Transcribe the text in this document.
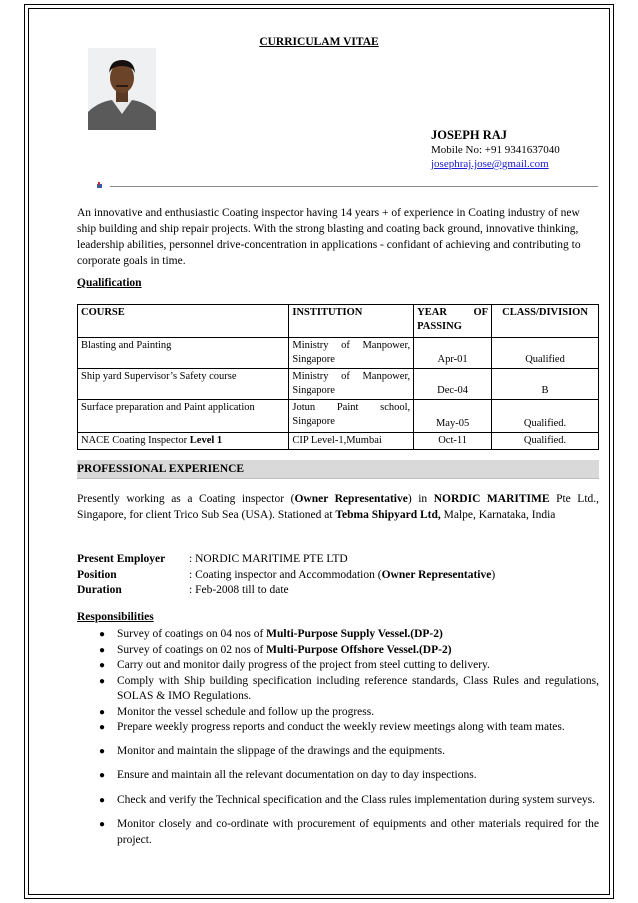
CURRICULAM VITAE
JOSEPH RAJ
Mobile No: +91 9341637040
josephraj.jose@gmail.com
An innovative and enthusiastic Coating inspector having 14 years + of experience in Coating industry of new ship building and ship repair projects. With the strong blasting and coating back ground, innovative thinking, leadership abilities, personnel drive-concentration in applications - confidant of achieving and contributing to corporate goals in time.
Qualification
COURSE	INSTITUTION	YEAR OF PASSING	CLASS/DIVISION
Blasting and Painting	Ministry of Manpower, Singapore	Apr-01	Qualified
Ship yard Supervisor’s Safety course	Ministry of Manpower, Singapore	Dec-04	B
Surface preparation and Paint application	Jotun Paint school, Singapore	May-05	Qualified.
NACE Coating Inspector Level 1	CIP Level-1,Mumbai	Oct-11	Qualified.
PROFESSIONAL EXPERIENCE
Presently working as a Coating inspector (Owner Representative) in NORDIC MARITIME Pte Ltd., Singapore, for client Trico Sub Sea (USA). Stationed at Tebma Shipyard Ltd, Malpe, Karnataka, India
Present Employer : NORDIC MARITIME PTE LTD
Position	: Coating inspector and Accommodation (Owner Representative)
Duration	: Feb-2008 till to date
Responsibilities
● Survey of coatings on 04 nos of Multi-Purpose Supply Vessel.(DP-2)
● Survey of coatings on 02 nos of Multi-Purpose Offshore Vessel.(DP-2)
● Carry out and monitor daily progress of the project from steel cutting to delivery.
● Comply with Ship building specification including reference standards, Class Rules and regulations, SOLAS & IMO Regulations.
● Monitor the vessel schedule and follow up the progress.
● Prepare weekly progress reports and conduct the weekly review meetings along with team mates.
● Monitor and maintain the slippage of the drawings and the equipments.
● Ensure and maintain all the relevant documentation on day to day inspections.
● Check and verify the Technical specification and the Class rules implementation during system surveys.
● Monitor closely and co-ordinate with procurement of equipments and other materials required for the project.
